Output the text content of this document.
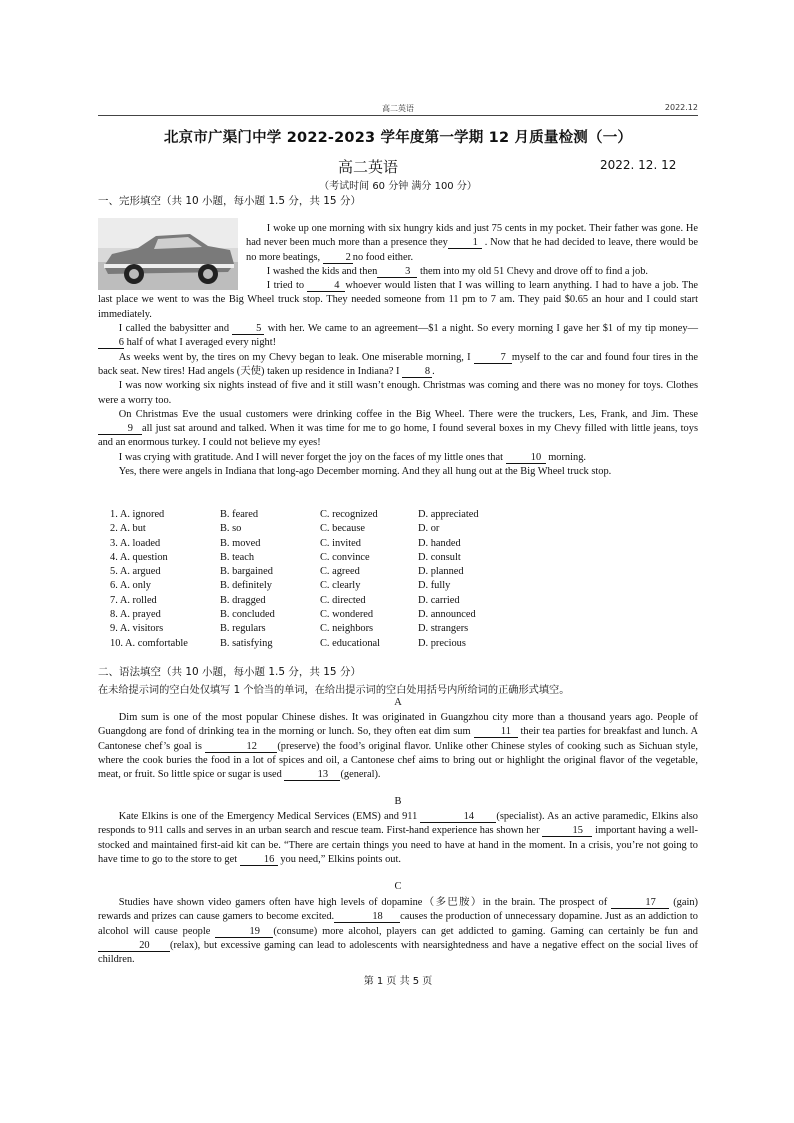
高二英语	2022.12
北京市广渠门中学 2022-2023 学年度第一学期 12 月质量检测（一）
高二英语	2022. 12. 12
（考试时间 60 分钟 满分 100 分）
一、完形填空（共 10 小题，每小题 1.5 分，共 15 分）

I woke up one morning with six hungry kids and just 75 cents in my pocket. Their father was gone. He had never been much more than a presence they 1 . Now that he had decided to leave, there would be no more beatings, 2 no food either.

I washed the kids and then	3 them into my old 51 Chevy and drove off to find a job.

I tried to	4 whoever would listen that I was willing to learn anything. I had to have a job. The last place we went to was the Big Wheel truck stop. They needed someone from 11 pm to 7 am. They paid $0.65 an hour and I could start immediately.

I called the babysitter and	5 with her. We came to an agreement—$1 a night. So every morning I gave her $1 of my tip money—6 half of what I averaged every night!

As weeks went by, the tires on my Chevy began to leak. One miserable morning, I	7 myself to the car and found four tires in the back seat. New tires! Had angels (天使) taken up residence in Indiana? I 8 .

I was now working six nights instead of five and it still wasn’t enough. Christmas was coming and there was no money for toys. Clothes were a worry too.

On Christmas Eve the usual customers were drinking coffee in the Big Wheel. There were the truckers, Les, Frank, and Jim. These9 all just sat around and talked. When it was time for me to go home, I found several boxes in my Chevy filled with little jeans, toys and an enormous turkey. I could not believe my eyes!

I was crying with gratitude. And I will never forget the joy on the faces of my little ones that	10 morning.

Yes, there were angels in Indiana that long-ago December morning. And they all hung out at the Big Wheel truck stop.

1. A. ignored	B. feared	C. recognized	D. appreciated
2. A. but	B. so	C. because	D. or
3. A. loaded	B. moved	C. invited	D. handed
4. A. question	B. teach	C. convince	D. consult
5. A. argued	B. bargained	C. agreed	D. planned
6. A. only	B. definitely	C. clearly	D. fully
7. A. rolled	B. dragged	C. directed	D. carried
8. A. prayed	B. concluded	C. wondered	D. announced
9. A. visitors	B. regulars	C. neighbors	D. strangers
10. A. comfortable	B. satisfying	C. educational	D. precious
二、语法填空（共 10 小题，每小题 1.5 分，共 15 分）
在未给提示词的空白处仅填写 1 个恰当的单词，在给出提示词的空白处用括号内所给词的正确形式填空。
A

Dim sum is one of the most popular Chinese dishes. It was originated in Guangzhou city more than a thousand years ago. People of Guangdong are fond of drinking tea in the morning or lunch. So, they often eat dim sum	11 their tea parties for breakfast and lunch. A Cantonese chef’s goal is	12 (preserve) the food’s original flavor. Unlike other Chinese styles of cooking such as Sichuan style, where the cook buries the food in a lot of spices and oil, a Cantonese chef aims to bring out or highlight the original flavor of the vegetable, meat, or fruit. So little spice or sugar is used	13 (general).

B

Kate Elkins is one of the Emergency Medical Services (EMS) and 911	14 (specialist). As an active paramedic, Elkins also responds to 911 calls and serves in an urban search and rescue team. First-hand experience has shown her	15 important having a well-stocked and maintained first-aid kit can be. “There are certain things you need to have at hand in the moment. In a crisis, you’re not going to have time to go to the store to get	16 you need,” Elkins points out.

C

Studies have shown video gamers often have high levels of dopamine（多巴胺）in the brain. The prospect of	17 (gain) rewards and prizes can cause gamers to become excited.	18 causes the production of unnecessary dopamine. Just as an addiction to alcohol will cause people	19 (consume) more alcohol, players can get addicted to gaming. Gaming can certainly be fun and 20 (relax), but excessive gaming can lead to adolescents with nearsightedness and have a negative effect on the social lives of children.

第 1 页 共 5 页
